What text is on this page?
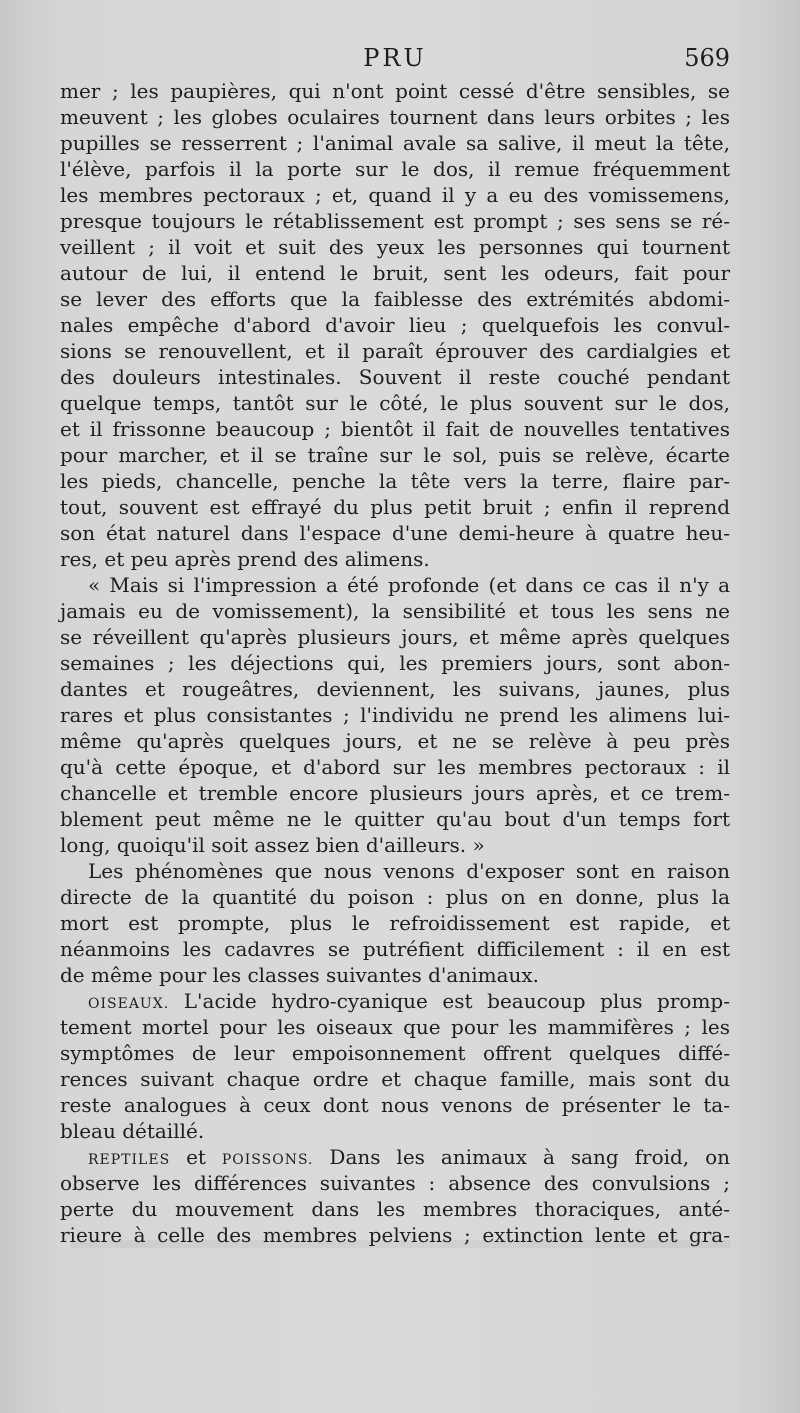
PRU	569
mer ; les paupières, qui n'ont point cessé d'être sensibles, se
meuvent ; les globes oculaires tournent dans leurs orbites ; les
pupilles se resserrent ; l'animal avale sa salive, il meut la tête,
l'élève, parfois il la porte sur le dos, il remue fréquemment
les membres pectoraux ; et, quand il y a eu des vomissemens,
presque toujours le rétablissement est prompt ; ses sens se ré-
veillent ; il voit et suit des yeux les personnes qui tournent
autour de lui, il entend le bruit, sent les odeurs, fait pour
se lever des efforts que la faiblesse des extrémités abdomi-
nales empêche d'abord d'avoir lieu ; quelquefois les convul-
sions se renouvellent, et il paraît éprouver des cardialgies et
des douleurs intestinales. Souvent il reste couché pendant
quelque temps, tantôt sur le côté, le plus souvent sur le dos,
et il frissonne beaucoup ; bientôt il fait de nouvelles tentatives
pour marcher, et il se traîne sur le sol, puis se relève, écarte
les pieds, chancelle, penche la tête vers la terre, flaire par-
tout, souvent est effrayé du plus petit bruit ; enfin il reprend
son état naturel dans l'espace d'une demi-heure à quatre heu-
res, et peu après prend des alimens.
« Mais si l'impression a été profonde (et dans ce cas il n'y a
jamais eu de vomissement), la sensibilité et tous les sens ne
se réveillent qu'après plusieurs jours, et même après quelques
semaines ; les déjections qui, les premiers jours, sont abon-
dantes et rougeâtres, deviennent, les suivans, jaunes, plus
rares et plus consistantes ; l'individu ne prend les alimens lui-
même qu'après quelques jours, et ne se relève à peu près
qu'à cette époque, et d'abord sur les membres pectoraux : il
chancelle et tremble encore plusieurs jours après, et ce trem-
blement peut même ne le quitter qu'au bout d'un temps fort
long, quoiqu'il soit assez bien d'ailleurs. »
Les phénomènes que nous venons d'exposer sont en raison
directe de la quantité du poison : plus on en donne, plus la
mort est prompte, plus le refroidissement est rapide, et
néanmoins les cadavres se putréfient difficilement : il en est
de même pour les classes suivantes d'animaux.
OISEAUX. L'acide hydro-cyanique est beaucoup plus promp-
tement mortel pour les oiseaux que pour les mammifères ; les
symptômes de leur empoisonnement offrent quelques diffé-
rences suivant chaque ordre et chaque famille, mais sont du
reste analogues à ceux dont nous venons de présenter le ta-
bleau détaillé.
REPTILES et POISSONS. Dans les animaux à sang froid, on
observe les différences suivantes : absence des convulsions ;
perte du mouvement dans les membres thoraciques, anté-
rieure à celle des membres pelviens ; extinction lente et gra-
